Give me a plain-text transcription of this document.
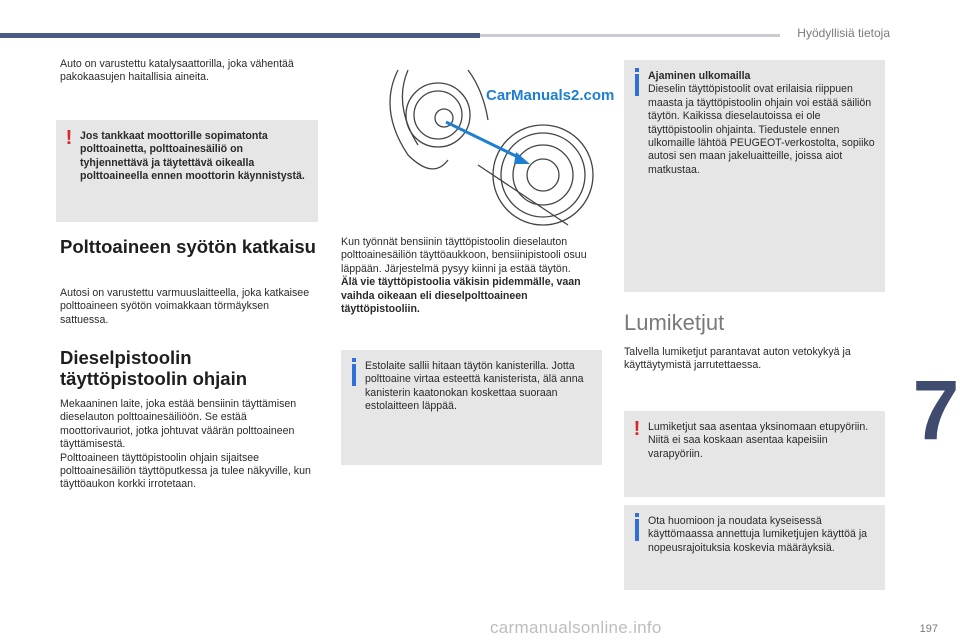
Hyödyllisiä tietoja
7

Auto on varustettu katalysaattorilla, joka vähentää pakokaasujen haitallisia aineita.

! Jos tankkaat moottorille sopimatonta polttoainetta, polttoainesäiliö on tyhjennettävä ja täytettävä oikealla polttoaineella ennen moottorin käynnistystä.
Polttoaineen syötön katkaisu

Autosi on varustettu varmuuslaitteella, joka katkaisee polttoaineen syötön voimakkaan törmäyksen sattuessa.

Dieselpistoolin täyttöpistoolin ohjain

Mekaaninen laite, joka estää bensiinin täyttämisen dieselauton polttoainesäiliöön. Se estää moottorivauriot, jotka johtuvat väärän polttoaineen täyttämisestä.

Polttoaineen täyttöpistoolin ohjain sijaitsee polttoainesäiliön täyttöputkessa ja tulee näkyville, kun täyttöaukon korkki irrotetaan.

CarManuals2.com

Kun työnnät bensiinin täyttöpistoolin dieselauton polttoainesäiliön täyttöaukkoon, bensiinipistooli osuu läppään. Järjestelmä pysyy kiinni ja estää täytön.

Älä vie täyttöpistoolia väkisin pidemmälle, vaan vaihda oikeaan eli dieselpolttoaineen täyttöpistooliin.

Estolaite sallii hitaan täytön kanisterilla. Jotta polttoaine virtaa esteettä kanisterista, älä anna kanisterin kaatonokan koskettaa suoraan estolaitteen läppää.
Ajaminen ulkomailla
Dieselin täyttöpistoolit ovat erilaisia riippuen maasta ja täyttöpistoolin ohjain voi estää säiliön täytön. Kaikissa dieselautoissa ei ole täyttöpistoolin ohjainta. Tiedustele ennen ulkomaille lähtöä PEUGEOT-verkostolta, sopiiko autosi sen maan jakeluaitteille, joissa aiot matkustaa.
Lumiketjut

Talvella lumiketjut parantavat auton vetokykyä ja käyttäytymistä jarrutettaessa.

! Lumiketjut saa asentaa yksinomaan etupyöriin. Niitä ei saa koskaan asentaa kapeisiin varapyöriin.
Ota huomioon ja noudata kyseisessä käyttömaassa annettuja lumiketjujen käyttöä ja nopeusrajoituksia koskevia määräyksiä.
carmanualsonline.info	197
